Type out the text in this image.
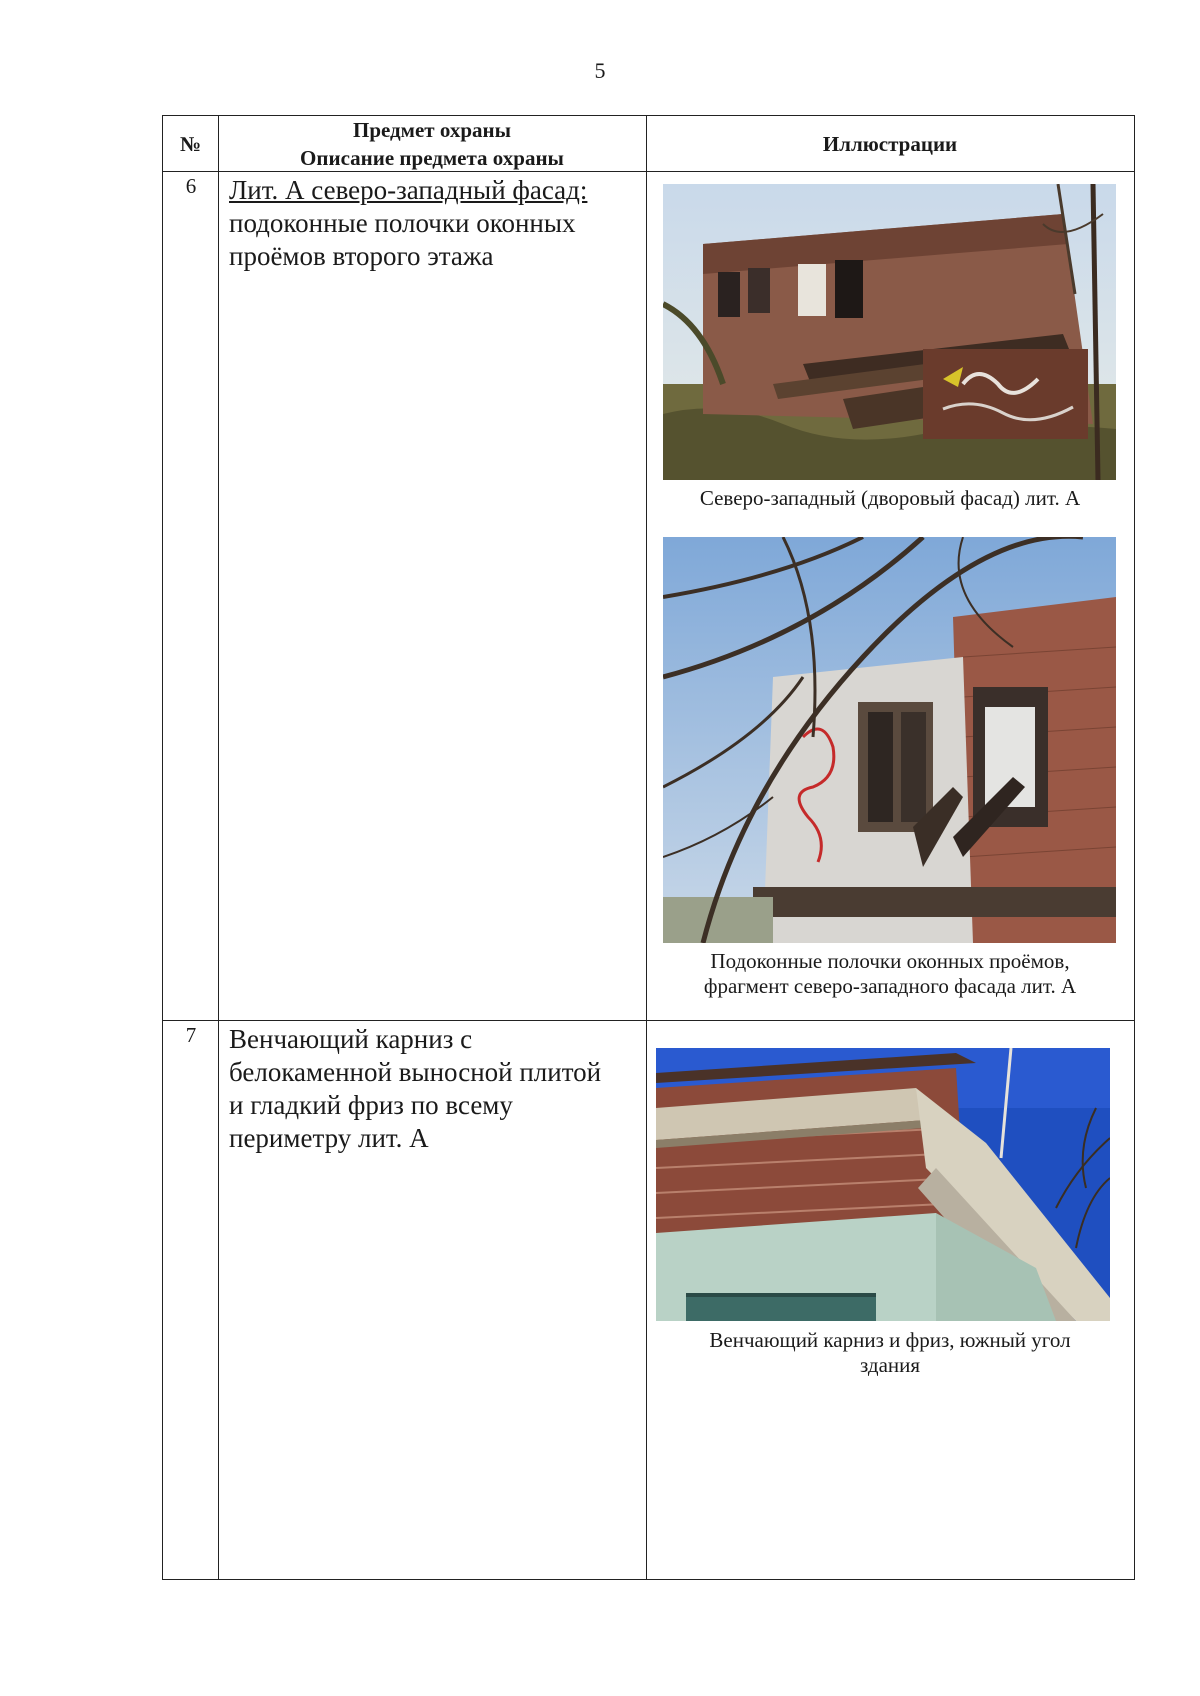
5
№
Предмет охраны
Описание предмета охраны
Иллюстрации
6	Лит. А северо-западный фасад:
подоконные полочки оконных
проёмов второго этажа
Северо-западный (дворовый фасад) лит. А
Подоконные полочки оконных проёмов,
фрагмент северо-западного фасада лит. А
7	Венчающий карниз с
белокаменной выносной плитой
и гладкий фриз по всему
периметру лит. А
Венчающий карниз и фриз, южный угол
здания
